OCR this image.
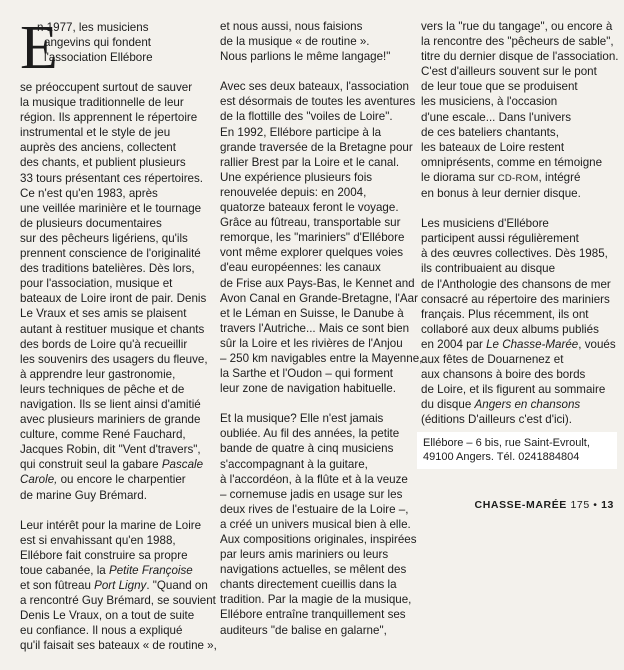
E
n 1977, les musiciens
angevins qui fondent
l'association Ellébore
se préoccupent surtout de sauver
la musique traditionnelle de leur
région. Ils apprennent le répertoire
instrumental et le style de jeu
auprès des anciens, collectent
des chants, et publient plusieurs
33 tours présentant ces répertoires.
Ce n'est qu'en 1983, après
une veillée marinière et le tournage
de plusieurs documentaires
sur des pêcheurs ligériens, qu'ils
prennent conscience de l'originalité
des traditions batelières. Dès lors,
pour l'association, musique et
bateaux de Loire iront de pair. Denis
Le Vraux et ses amis se plaisent
autant à restituer musique et chants
des bords de Loire qu'à recueillir
les souvenirs des usagers du fleuve,
à apprendre leur gastronomie,
leurs techniques de pêche et de
navigation. Ils se lient ainsi d'amitié
avec plusieurs mariniers de grande
culture, comme René Fauchard,
Jacques Robin, dit "Vent d'travers",
qui construit seul la gabare Pascale
Carole, ou encore le charpentier
de marine Guy Brémard.
Leur intérêt pour la marine de Loire
est si envahissant qu'en 1988,
Ellébore fait construire sa propre
toue cabanée, la Petite Françoise
et son fûtreau Port Ligny. "Quand on
a rencontré Guy Brémard, se souvient
Denis Le Vraux, on a tout de suite
eu confiance. Il nous a expliqué
qu'il faisait ses bateaux « de routine »,
et nous aussi, nous faisions
de la musique « de routine ».
Nous parlions le même langage!"
Avec ses deux bateaux, l'association
est désormais de toutes les aventures
de la flottille des "voiles de Loire".
En 1992, Ellébore participe à la
grande traversée de la Bretagne pour
rallier Brest par la Loire et le canal.
Une expérience plusieurs fois
renouvelée depuis: en 2004,
quatorze bateaux feront le voyage.
Grâce au fûtreau, transportable sur
remorque, les "mariniers" d'Ellébore
vont même explorer quelques voies
d'eau européennes: les canaux
de Frise aux Pays-Bas, le Kennet and
Avon Canal en Grande-Bretagne, l'Aar
et le Léman en Suisse, le Danube à
travers l'Autriche... Mais ce sont bien
sûr la Loire et les rivières de l'Anjou
– 250 km navigables entre la Mayenne,
la Sarthe et l'Oudon – qui forment
leur zone de navigation habituelle.
Et la musique? Elle n'est jamais
oubliée. Au fil des années, la petite
bande de quatre à cinq musiciens
s'accompagnant à la guitare,
à l'accordéon, à la flûte et à la veuze
– cornemuse jadis en usage sur les
deux rives de l'estuaire de la Loire –,
a créé un univers musical bien à elle.
Aux compositions originales, inspirées
par leurs amis mariniers ou leurs
navigations actuelles, se mêlent des
chants directement cueillis dans la
tradition. Par la magie de la musique,
Ellébore entraîne tranquillement ses
auditeurs "de balise en galarne",
vers la "rue du tangage", ou encore à
la rencontre des "pêcheurs de sable",
titre du dernier disque de l'association.
C'est d'ailleurs souvent sur le pont
de leur toue que se produisent
les musiciens, à l'occasion
d'une escale... Dans l'univers
de ces bateliers chantants,
les bateaux de Loire restent
omniprésents, comme en témoigne
le diorama sur CD-ROM, intégré
en bonus à leur dernier disque.
Les musiciens d'Ellébore
participent aussi régulièrement
à des œuvres collectives. Dès 1985,
ils contribuaient au disque
de l'Anthologie des chansons de mer
consacré au répertoire des mariniers
français. Plus récemment, ils ont
collaboré aux deux albums publiés
en 2004 par Le Chasse-Marée, voués
aux fêtes de Douarnenez et
aux chansons à boire des bords
de Loire, et ils figurent au sommaire
du disque Angers en chansons
(éditions D'ailleurs c'est d'ici).
Ellébore – 6 bis, rue Saint-Evroult,
49100 Angers. Tél. 0241884804
CHASSE-MARÉE 175 • 13
